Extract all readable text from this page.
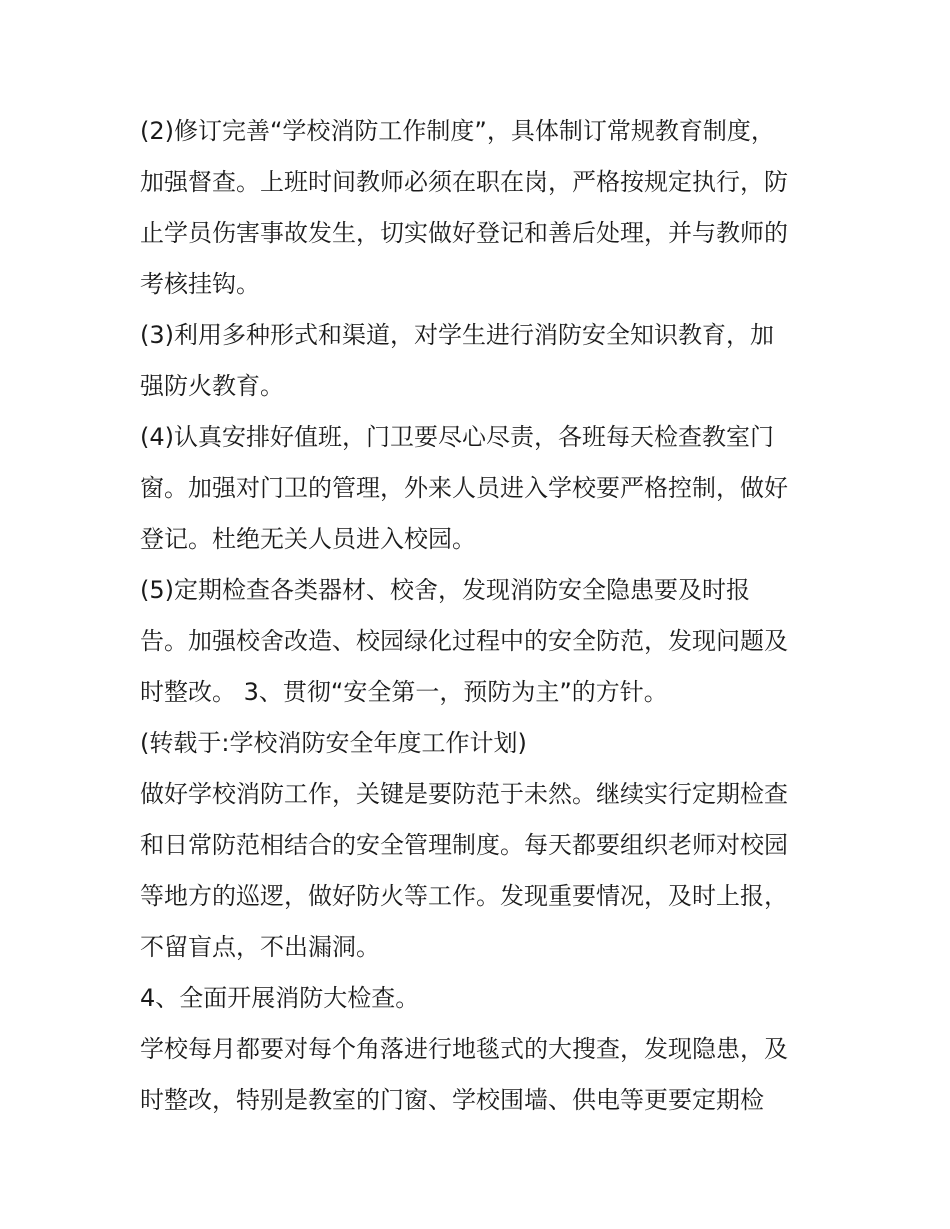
(2)修订完善“学校消防工作制度”，具体制订常规教育制度，
加强督查。上班时间教师必须在职在岗，严格按规定执行，防
止学员伤害事故发生，切实做好登记和善后处理，并与教师的
考核挂钩。
(3)利用多种形式和渠道，对学生进行消防安全知识教育，加
强防火教育。
(4)认真安排好值班，门卫要尽心尽责，各班每天检查教室门
窗。加强对门卫的管理，外来人员进入学校要严格控制，做好
登记。杜绝无关人员进入校园。
(5)定期检查各类器材、校舍，发现消防安全隐患要及时报
告。加强校舍改造、校园绿化过程中的安全防范，发现问题及
时整改。 3、贯彻“安全第一，预防为主”的方针。
(转载于:学校消防安全年度工作计划)
做好学校消防工作，关键是要防范于未然。继续实行定期检查
和日常防范相结合的安全管理制度。每天都要组织老师对校园
等地方的巡逻，做好防火等工作。发现重要情况，及时上报，
不留盲点，不出漏洞。
4、全面开展消防大检查。
学校每月都要对每个角落进行地毯式的大搜查，发现隐患，及
时整改，特别是教室的门窗、学校围墙、供电等更要定期检
